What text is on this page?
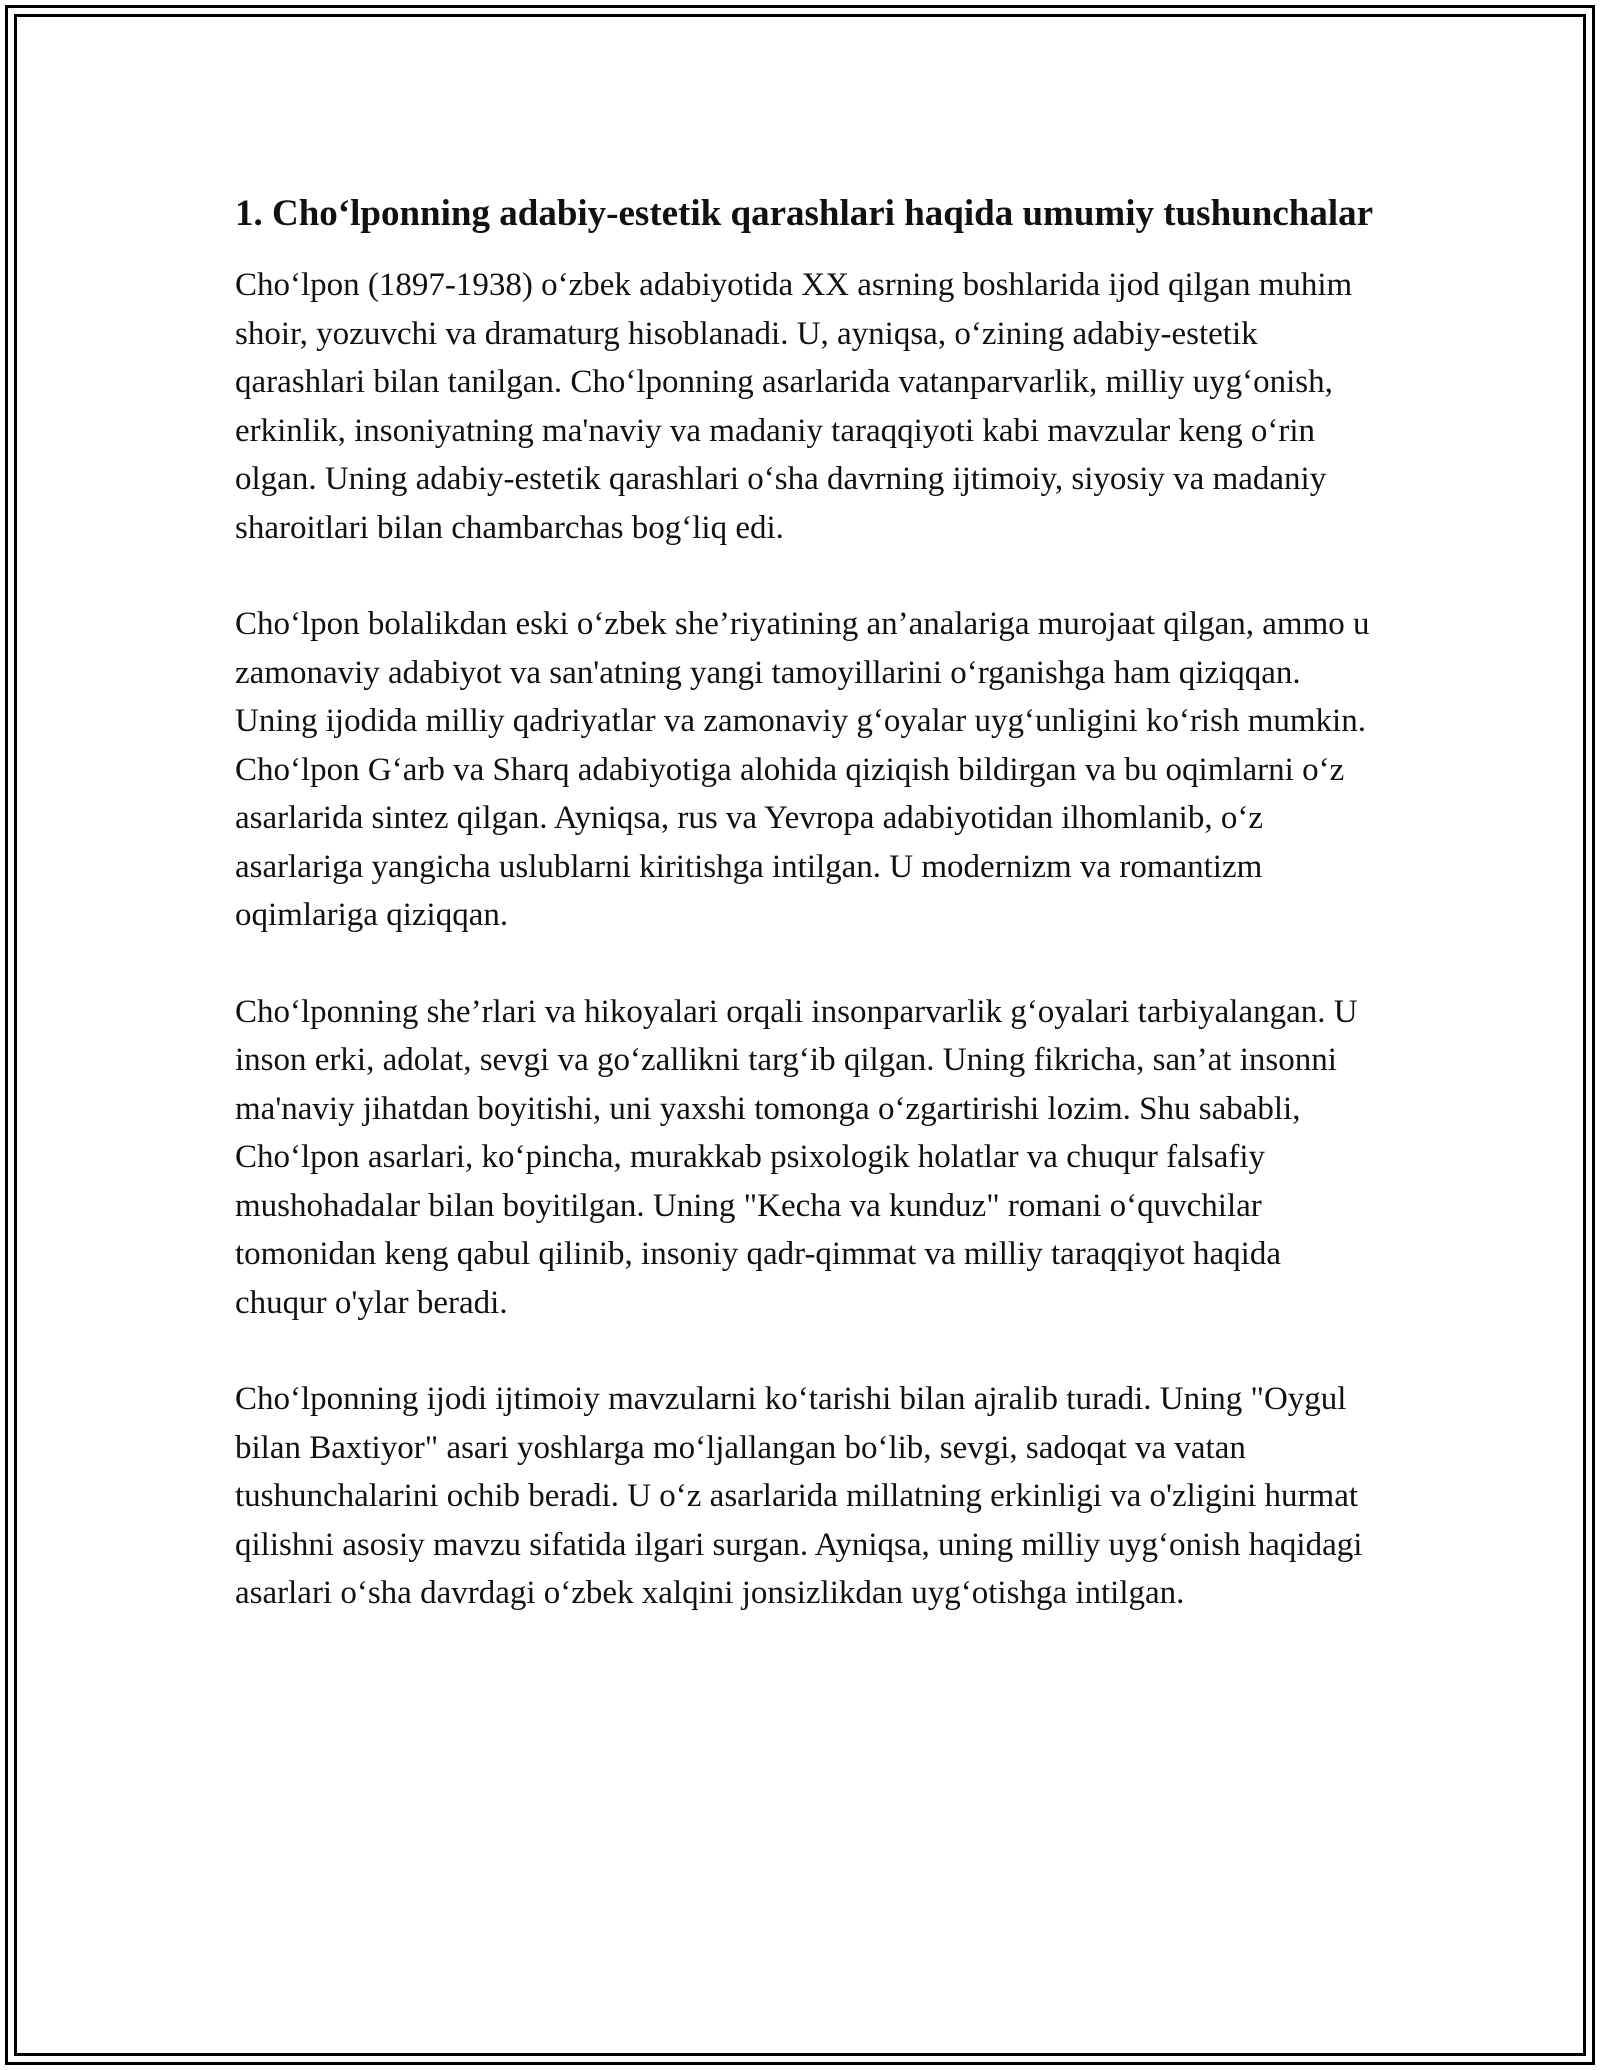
1. Cho‘lponning adabiy-estetik qarashlari haqida umumiy tushunchalar

Cho‘lpon (1897-1938) o‘zbek adabiyotida XX asrning boshlarida ijod qilgan muhim shoir, yozuvchi va dramaturg hisoblanadi. U, ayniqsa, o‘zining adabiy-estetik qarashlari bilan tanilgan. Cho‘lponning asarlarida vatanparvarlik, milliy uyg‘onish, erkinlik, insoniyatning ma'naviy va madaniy taraqqiyoti kabi mavzular keng o‘rin olgan. Uning adabiy-estetik qarashlari o‘sha davrning ijtimoiy, siyosiy va madaniy sharoitlari bilan chambarchas bog‘liq edi.

Cho‘lpon bolalikdan eski o‘zbek she’riyatining an’analariga murojaat qilgan, ammo u zamonaviy adabiyot va san'atning yangi tamoyillarini o‘rganishga ham qiziqqan. Uning ijodida milliy qadriyatlar va zamonaviy g‘oyalar uyg‘unligini ko‘rish mumkin. Cho‘lpon G‘arb va Sharq adabiyotiga alohida qiziqish bildirgan va bu oqimlarni o‘z asarlarida sintez qilgan. Ayniqsa, rus va Yevropa adabiyotidan ilhomlanib, o‘z asarlariga yangicha uslublarni kiritishga intilgan. U modernizm va romantizm oqimlariga qiziqqan.

Cho‘lponning she’rlari va hikoyalari orqali insonparvarlik g‘oyalari tarbiyalangan. U inson erki, adolat, sevgi va go‘zallikni targ‘ib qilgan. Uning fikricha, san’at insonni ma'naviy jihatdan boyitishi, uni yaxshi tomonga o‘zgartirishi lozim. Shu sababli, Cho‘lpon asarlari, ko‘pincha, murakkab psixologik holatlar va chuqur falsafiy mushohadalar bilan boyitilgan. Uning "Kecha va kunduz" romani o‘quvchilar tomonidan keng qabul qilinib, insoniy qadr-qimmat va milliy taraqqiyot haqida chuqur o'ylar beradi.

Cho‘lponning ijodi ijtimoiy mavzularni ko‘tarishi bilan ajralib turadi. Uning "Oygul bilan Baxtiyor" asari yoshlarga mo‘ljallangan bo‘lib, sevgi, sadoqat va vatan tushunchalarini ochib beradi. U o‘z asarlarida millatning erkinligi va o'zligini hurmat qilishni asosiy mavzu sifatida ilgari surgan. Ayniqsa, uning milliy uyg‘onish haqidagi asarlari o‘sha davrdagi o‘zbek xalqini jonsizlikdan uyg‘otishga intilgan.
